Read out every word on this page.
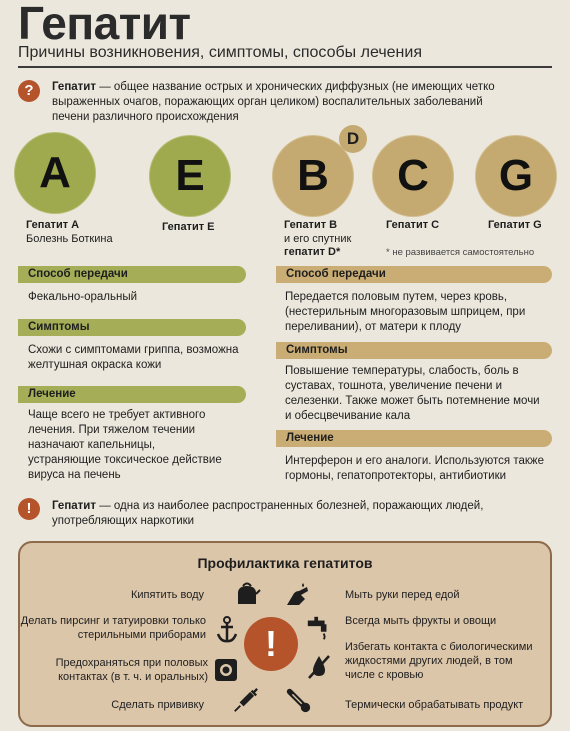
Гепатит
Причины возникновения, симптомы, способы лечения
?	Гепатит — общее название острых и хронических диффузных (не имеющих четко выраженных очагов, поражающих орган целиком) воспалительных заболеваний печени различного происхождения
A E B
D
C G
Гепатит A
Болезнь Боткина
Гепатит E	Гепатит B
и его спутник
гепатит D*
Гепатит C	Гепатит G
* не развивается самостоятельно
Способ передачи
Фекально-оральный
Симптомы
Схожи с симптомами гриппа, возможна желтушная окраска кожи
Лечение
Чаще всего не требует активного лечения. При тяжелом течении назначают капельницы, устраняющие токсическое действие вируса на печень
Способ передачи
Передается половым путем, через кровь, (нестерильным многоразовым шприцем, при переливании), от матери к плоду
Симптомы
Повышение температуры, слабость, боль в суставах, тошнота, увеличение печени и селезенки. Также может быть потемнение мочи и обесцвечивание кала
Лечение
Интерферон и его аналоги. Используются также гормоны, гепатопротекторы, антибиотики
!	Гепатит — одна из наиболее распространенных болезней, поражающих людей, употребляющих наркотики
Профилактика гепатитов
!
Кипятить воду
Делать пирсинг и татуировки только стерильными приборами
Предохраняться при половых контактах (в т. ч. и оральных)
Сделать прививку
Мыть руки перед едой
Всегда мыть фрукты и овощи
Избегать контакта с биологическими жидкостями других людей, в том числе с кровью
Термически обрабатывать продукт
